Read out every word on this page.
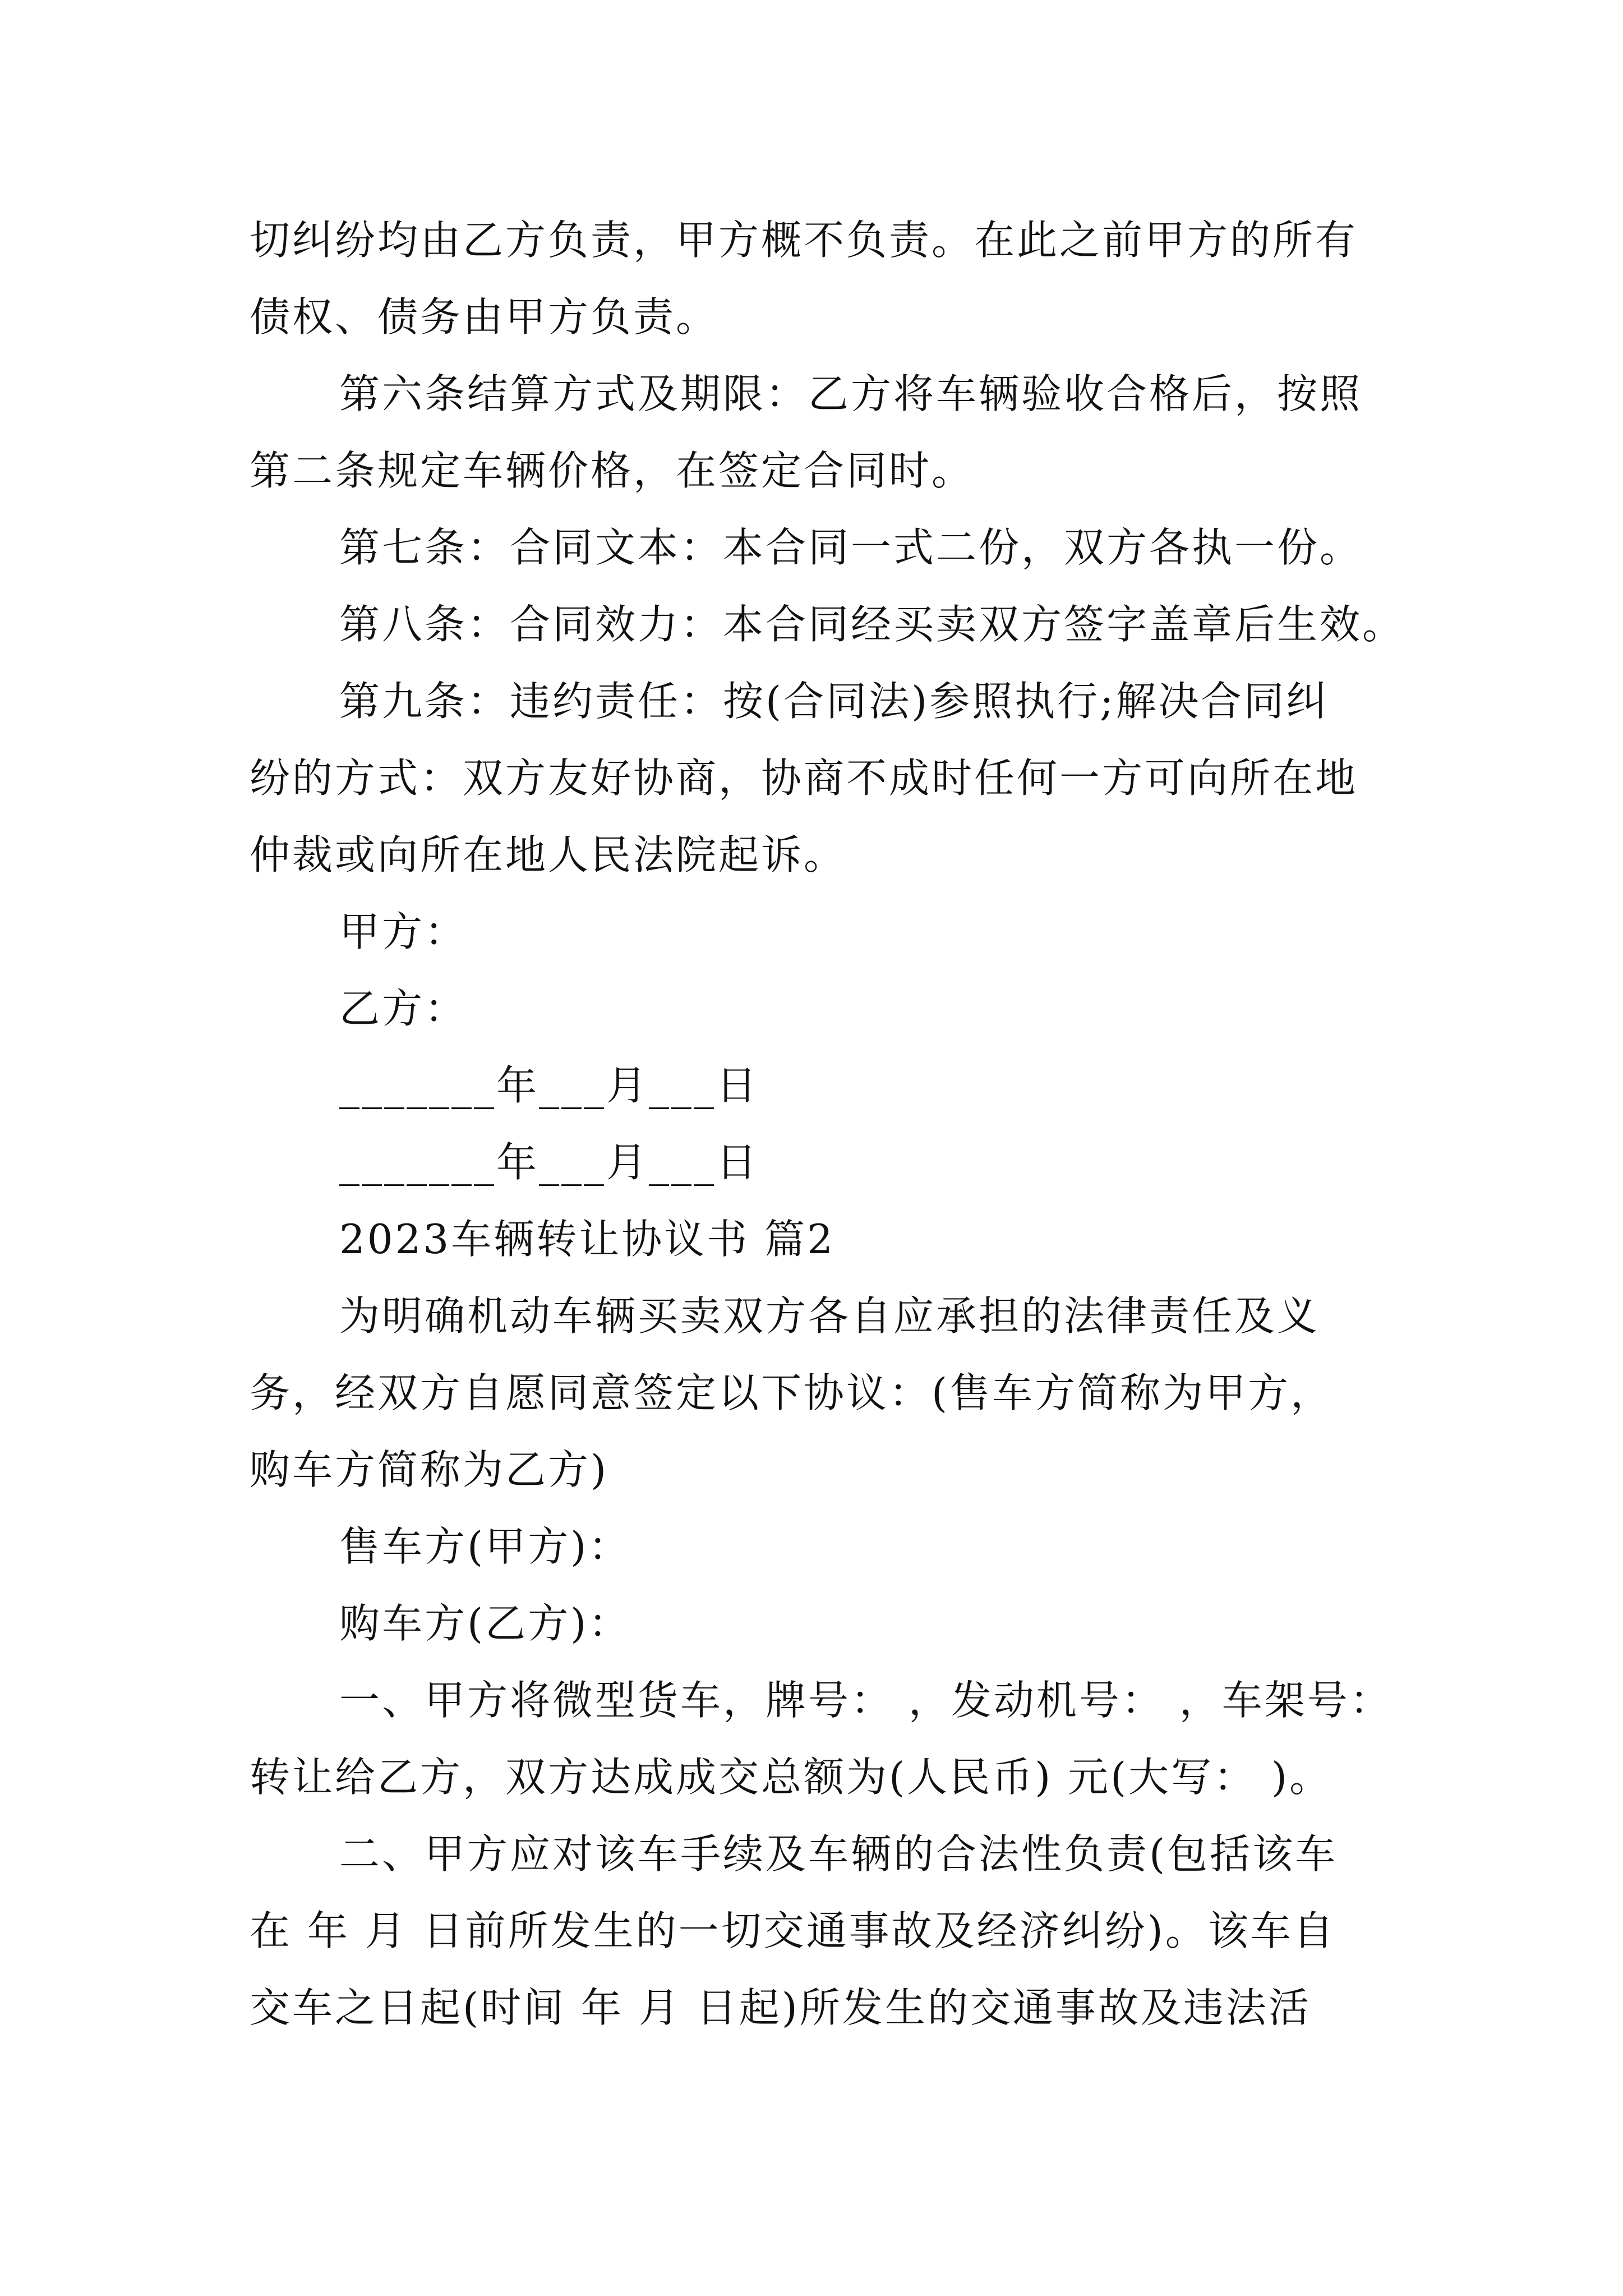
切纠纷均由乙方负责，甲方概不负责。在此之前甲方的所有
债权、债务由甲方负责。
第六条结算方式及期限：乙方将车辆验收合格后，按照
第二条规定车辆价格，在签定合同时。
第七条：合同文本：本合同一式二份，双方各执一份。
第八条：合同效力：本合同经买卖双方签字盖章后生效。
第九条：违约责任：按(合同法)参照执行;解决合同纠
纷的方式：双方友好协商，协商不成时任何一方可向所在地
仲裁或向所在地人民法院起诉。
甲方：
乙方：
_______年___月___日
_______年___月___日
2023车辆转让协议书 篇2
为明确机动车辆买卖双方各自应承担的法律责任及义
务，经双方自愿同意签定以下协议：(售车方简称为甲方，
购车方简称为乙方)
售车方(甲方)：
购车方(乙方)：
一、甲方将微型货车，牌号： ，发动机号： ，车架号：
转让给乙方，双方达成成交总额为(人民币) 元(大写： )。
二、甲方应对该车手续及车辆的合法性负责(包括该车
在 年 月 日前所发生的一切交通事故及经济纠纷)。该车自
交车之日起(时间 年 月 日起)所发生的交通事故及违法活
